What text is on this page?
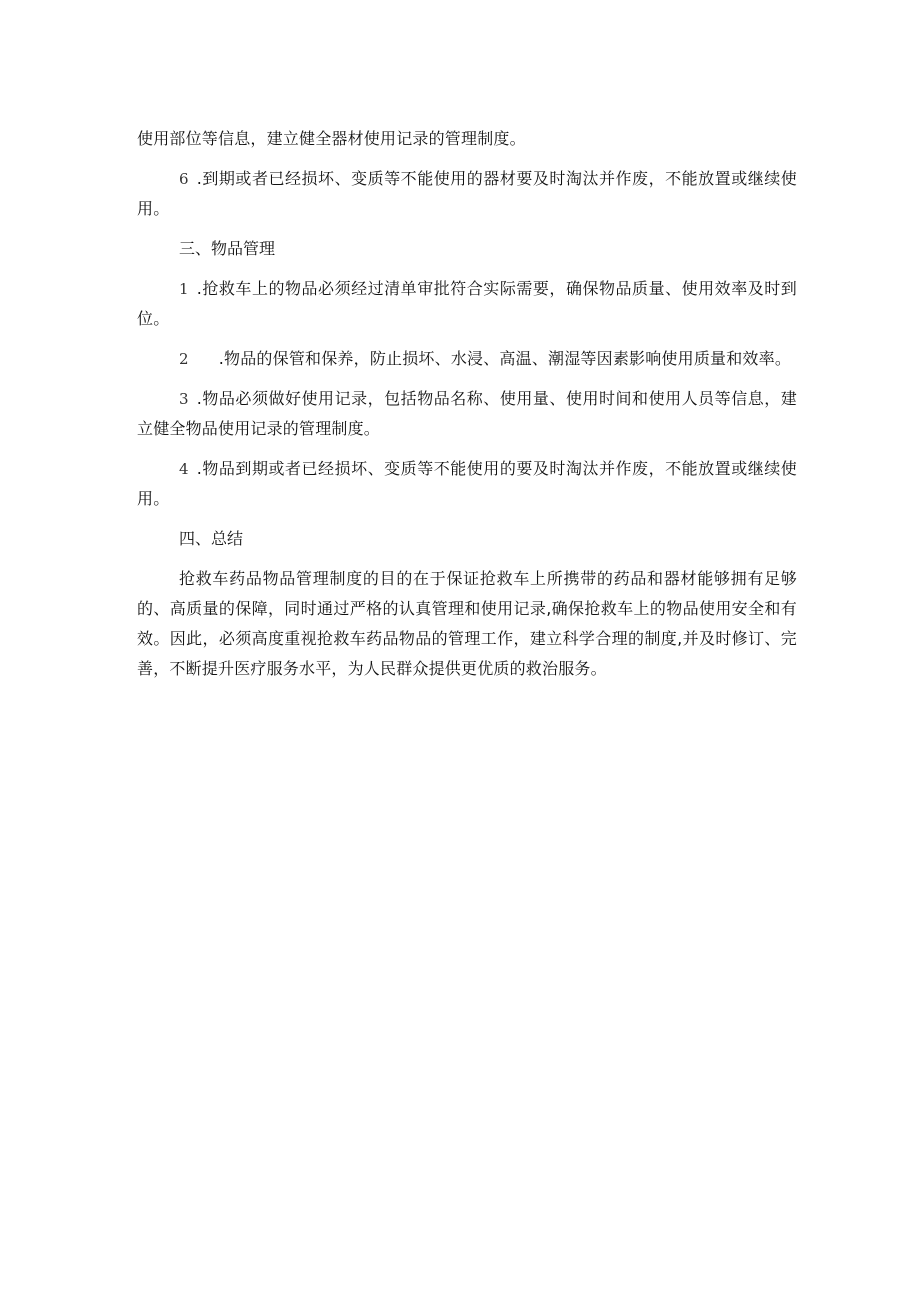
使用部位等信息，建立健全器材使用记录的管理制度。

6 .到期或者已经损坏、变质等不能使用的器材要及时淘汰并作废，不能放置或继续使用。

三、物品管理

1 .抢救车上的物品必须经过清单审批符合实际需要，确保物品质量、使用效率及时到位。

2 .物品的保管和保养，防止损坏、水浸、高温、潮湿等因素影响使用质量和效率。

3 .物品必须做好使用记录，包括物品名称、使用量、使用时间和使用人员等信息，建立健全物品使用记录的管理制度。

4 .物品到期或者已经损坏、变质等不能使用的要及时淘汰并作废，不能放置或继续使用。

四、总结

抢救车药品物品管理制度的目的在于保证抢救车上所携带的药品和器材能够拥有足够的、高质量的保障，同时通过严格的认真管理和使用记录,确保抢救车上的物品使用安全和有效。因此，必须高度重视抢救车药品物品的管理工作，建立科学合理的制度,并及时修订、完善，不断提升医疗服务水平，为人民群众提供更优质的救治服务。
